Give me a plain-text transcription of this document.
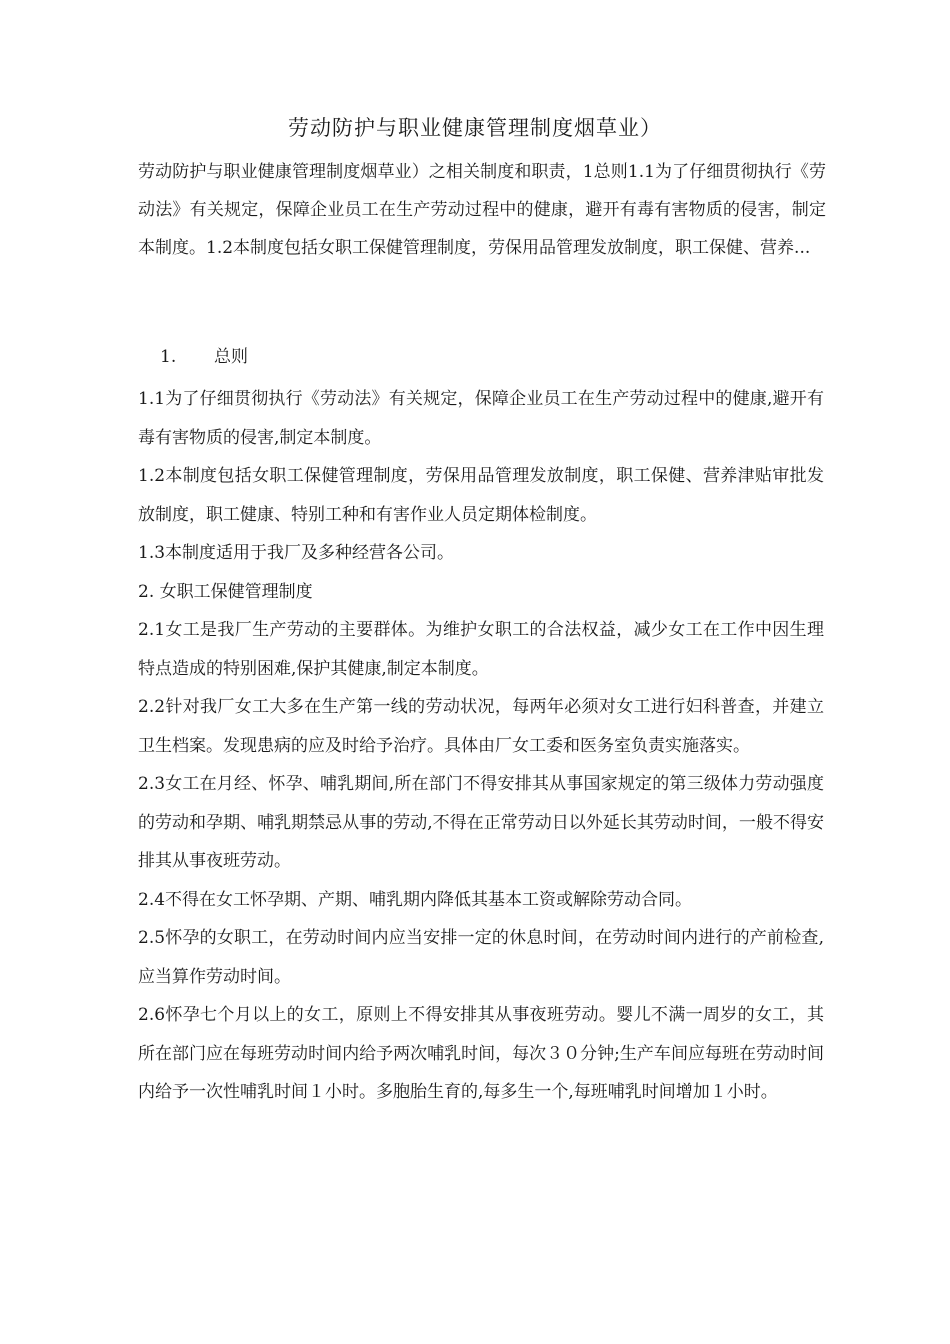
劳动防护与职业健康管理制度烟草业）

劳动防护与职业健康管理制度烟草业）之相关制度和职责，1总则1.1为了仔细贯彻执行《劳动法》有关规定，保障企业员工在生产劳动过程中的健康，避开有毒有害物质的侵害，制定本制度。1.2本制度包括女职工保健管理制度，劳保用品管理发放制度，职工保健、营养...

1. 总则

1.1为了仔细贯彻执行《劳动法》有关规定，保障企业员工在生产劳动过程中的健康,避开有毒有害物质的侵害,制定本制度。

1.2本制度包括女职工保健管理制度，劳保用品管理发放制度，职工保健、营养津贴审批发放制度，职工健康、特别工种和有害作业人员定期体检制度。

1.3本制度适用于我厂及多种经营各公司。

2. 女职工保健管理制度

2.1女工是我厂生产劳动的主要群体。为维护女职工的合法权益，减少女工在工作中因生理特点造成的特别困难,保护其健康,制定本制度。

2.2针对我厂女工大多在生产第一线的劳动状况，每两年必须对女工进行妇科普查，并建立卫生档案。发现患病的应及时给予治疗。具体由厂女工委和医务室负责实施落实。

2.3女工在月经、怀孕、哺乳期间,所在部门不得安排其从事国家规定的第三级体力劳动强度的劳动和孕期、哺乳期禁忌从事的劳动,不得在正常劳动日以外延长其劳动时间，一般不得安排其从事夜班劳动。

2.4不得在女工怀孕期、产期、哺乳期内降低其基本工资或解除劳动合同。

2.5怀孕的女职工，在劳动时间内应当安排一定的休息时间，在劳动时间内进行的产前检查,应当算作劳动时间。

2.6怀孕七个月以上的女工，原则上不得安排其从事夜班劳动。婴儿不满一周岁的女工，其所在部门应在每班劳动时间内给予两次哺乳时间，每次３０分钟;生产车间应每班在劳动时间内给予一次性哺乳时间１小时。多胞胎生育的,每多生一个,每班哺乳时间增加１小时。
